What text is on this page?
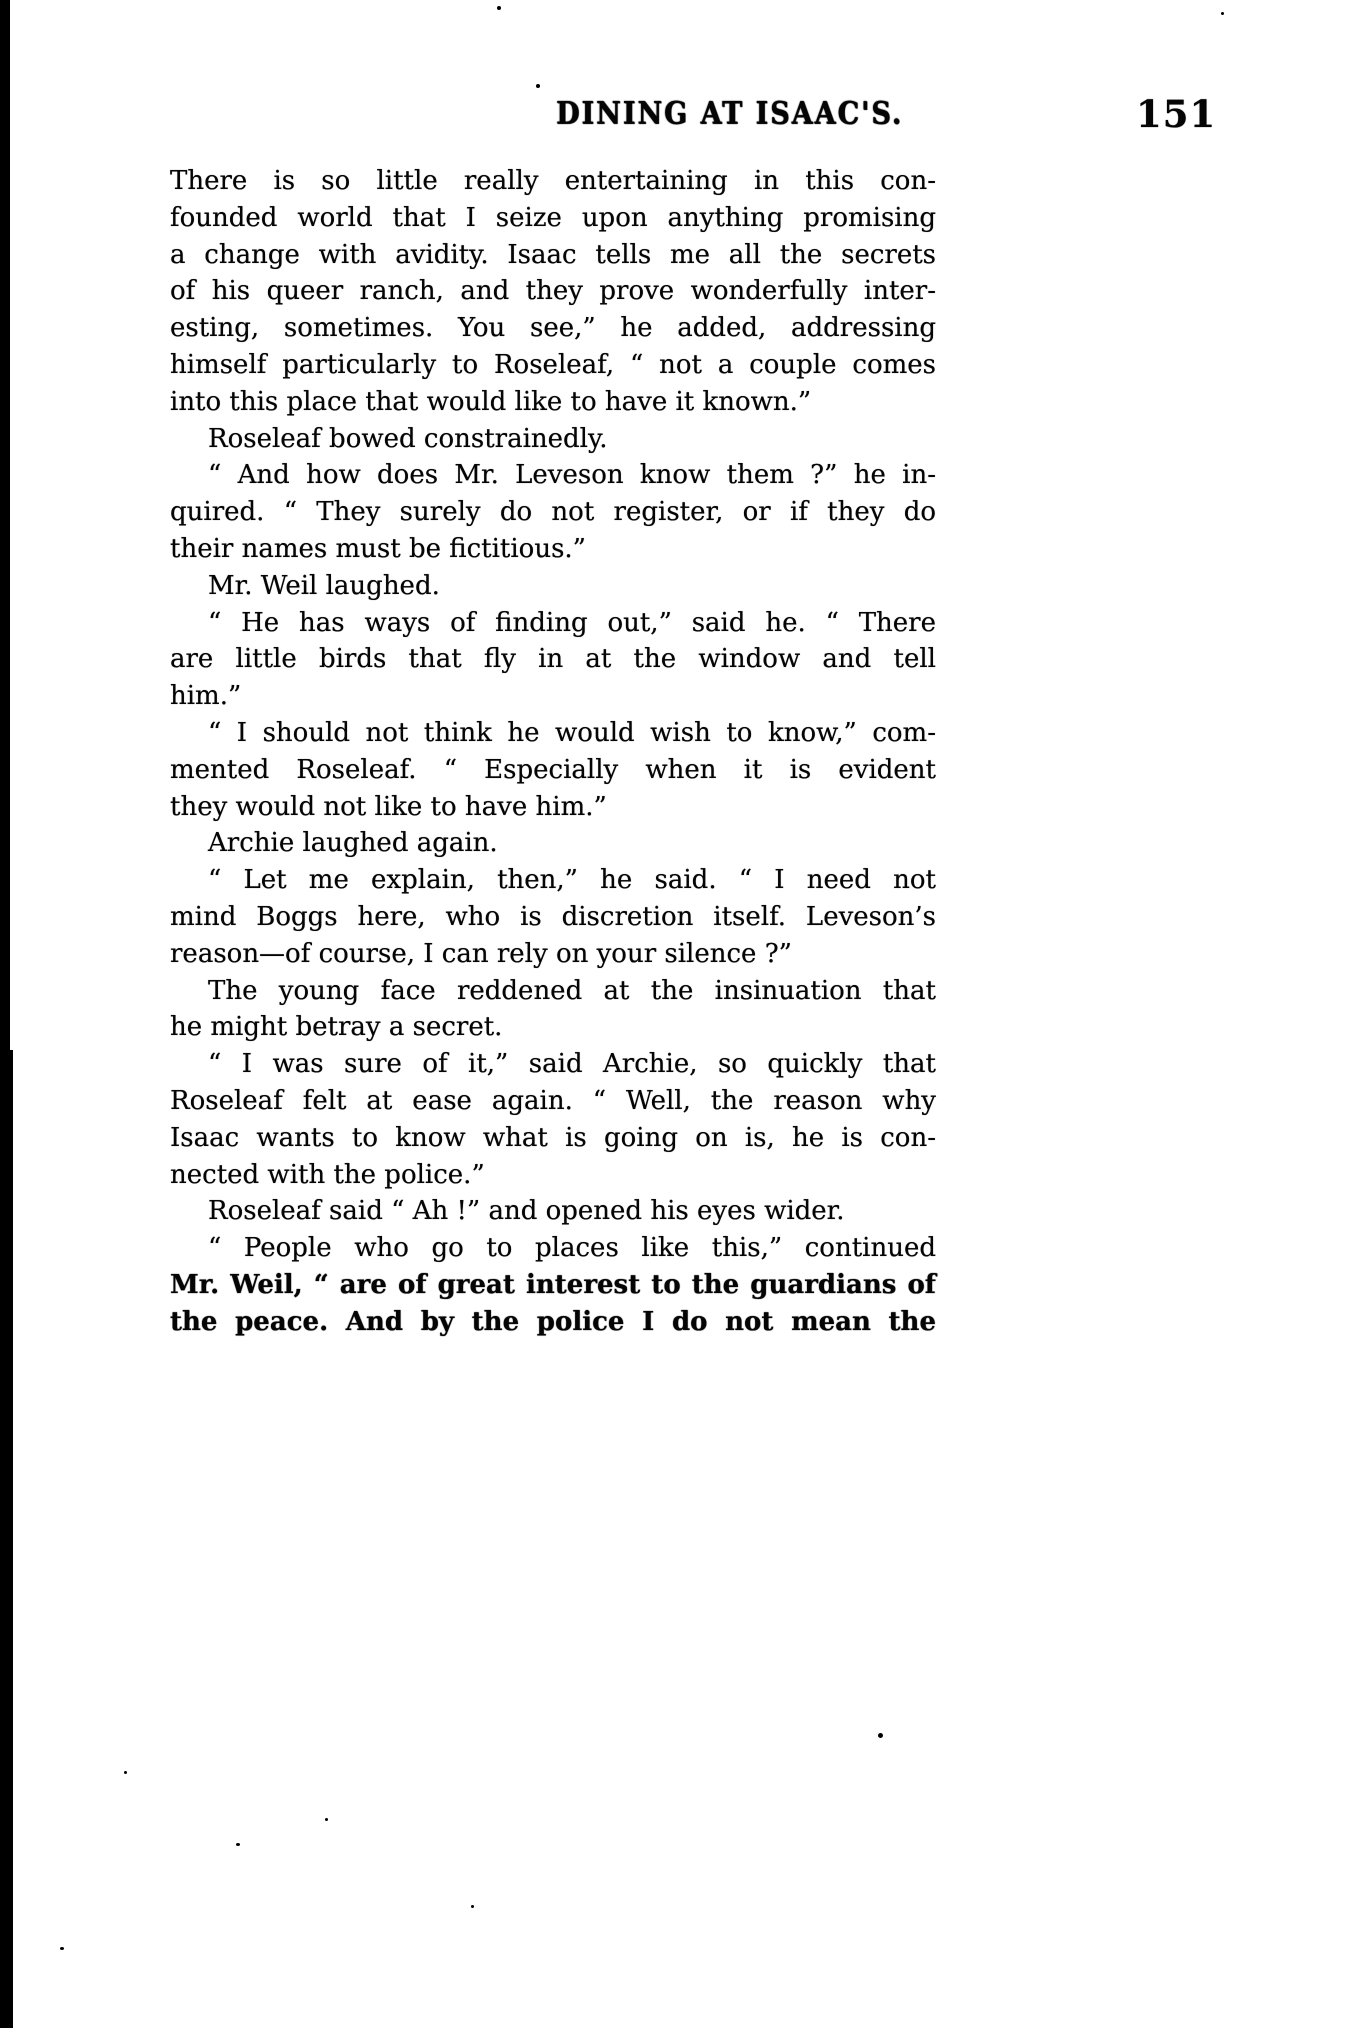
DINING AT ISAAC'S.	151
There is so little really entertaining in this con-
founded world that I seize upon anything promising
a change with avidity. Isaac tells me all the secrets
of his queer ranch, and they prove wonderfully inter-
esting, sometimes. You see,” he added, addressing
himself particularly to Roseleaf, “ not a couple comes
into this place that would like to have it known.”
Roseleaf bowed constrainedly.
“ And how does Mr. Leveson know them ?” he in-
quired. “ They surely do not register, or if they do
their names must be fictitious.”
Mr. Weil laughed.
“ He has ways of finding out,” said he. “ There
are little birds that fly in at the window and tell
him.”
“ I should not think he would wish to know,” com-
mented Roseleaf. “ Especially when it is evident
they would not like to have him.”
Archie laughed again.
“ Let me explain, then,” he said. “ I need not
mind Boggs here, who is discretion itself. Leveson’s
reason—of course, I can rely on your silence ?”
The young face reddened at the insinuation that
he might betray a secret.
“ I was sure of it,” said Archie, so quickly that
Roseleaf felt at ease again. “ Well, the reason why
Isaac wants to know what is going on is, he is con-
nected with the police.”
Roseleaf said “ Ah !” and opened his eyes wider.
“ People who go to places like this,” continued
Mr. Weil, “ are of great interest to the guardians of
the peace. And by the police I do not mean the
